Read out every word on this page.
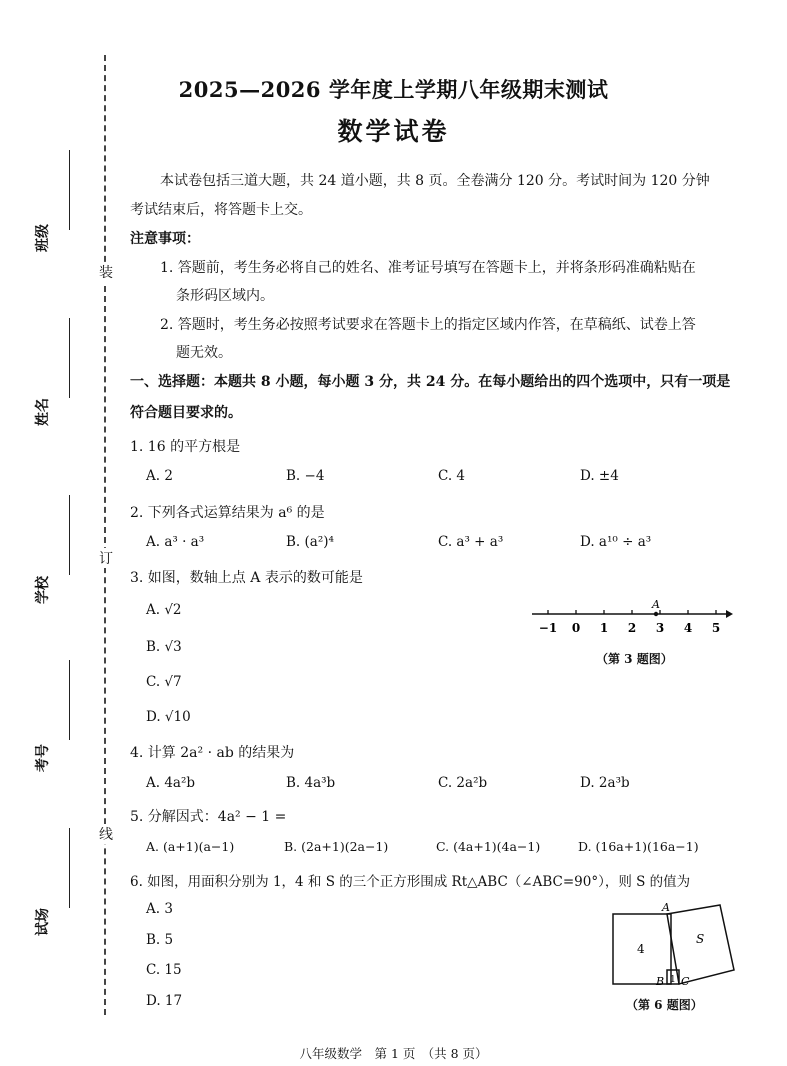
装
订
线
班级
姓名
学校
考号
试场
2025—2026 学年度上学期八年级期末测试
数学试卷
本试卷包括三道大题，共 24 道小题，共 8 页。全卷满分 120 分。考试时间为 120 分钟
考试结束后，将答题卡上交。
注意事项：
1. 答题前，考生务必将自己的姓名、准考证号填写在答题卡上，并将条形码准确粘贴在
条形码区域内。
2. 答题时，考生务必按照考试要求在答题卡上的指定区域内作答，在草稿纸、试卷上答
题无效。
一、选择题：本题共 8 小题，每小题 3 分，共 24 分。在每小题给出的四个选项中，只有一项是
符合题目要求的。
1. 16 的平方根是
A. 2	B. −4	C. 4	D. ±4
2. 下列各式运算结果为 a⁶ 的是
A. a³ · a³	B. (a²)⁴	C. a³ + a³	D. a¹⁰ ÷ a³
3. 如图，数轴上点 A 表示的数可能是
A. √2
B. √3
C. √7
D. √10
−1 0 1 2 3 4 5
A
（第 3 题图）
4. 计算 2a² · ab 的结果为
A. 4a²b	B. 4a³b	C. 2a²b	D. 2a³b
5. 分解因式：4a² − 1 =
A. (a+1)(a−1)	B. (2a+1)(2a−1)	C. (4a+1)(4a−1)	D. (16a+1)(16a−1)
6. 如图，用面积分别为 1，4 和 S 的三个正方形围成 Rt△ABC（∠ABC=90°），则 S 的值为
A. 3
B. 5
C. 15
D. 17
A
B C
4
1
S
（第 6 题图）
八年级数学　第 1 页　（共 8 页）
